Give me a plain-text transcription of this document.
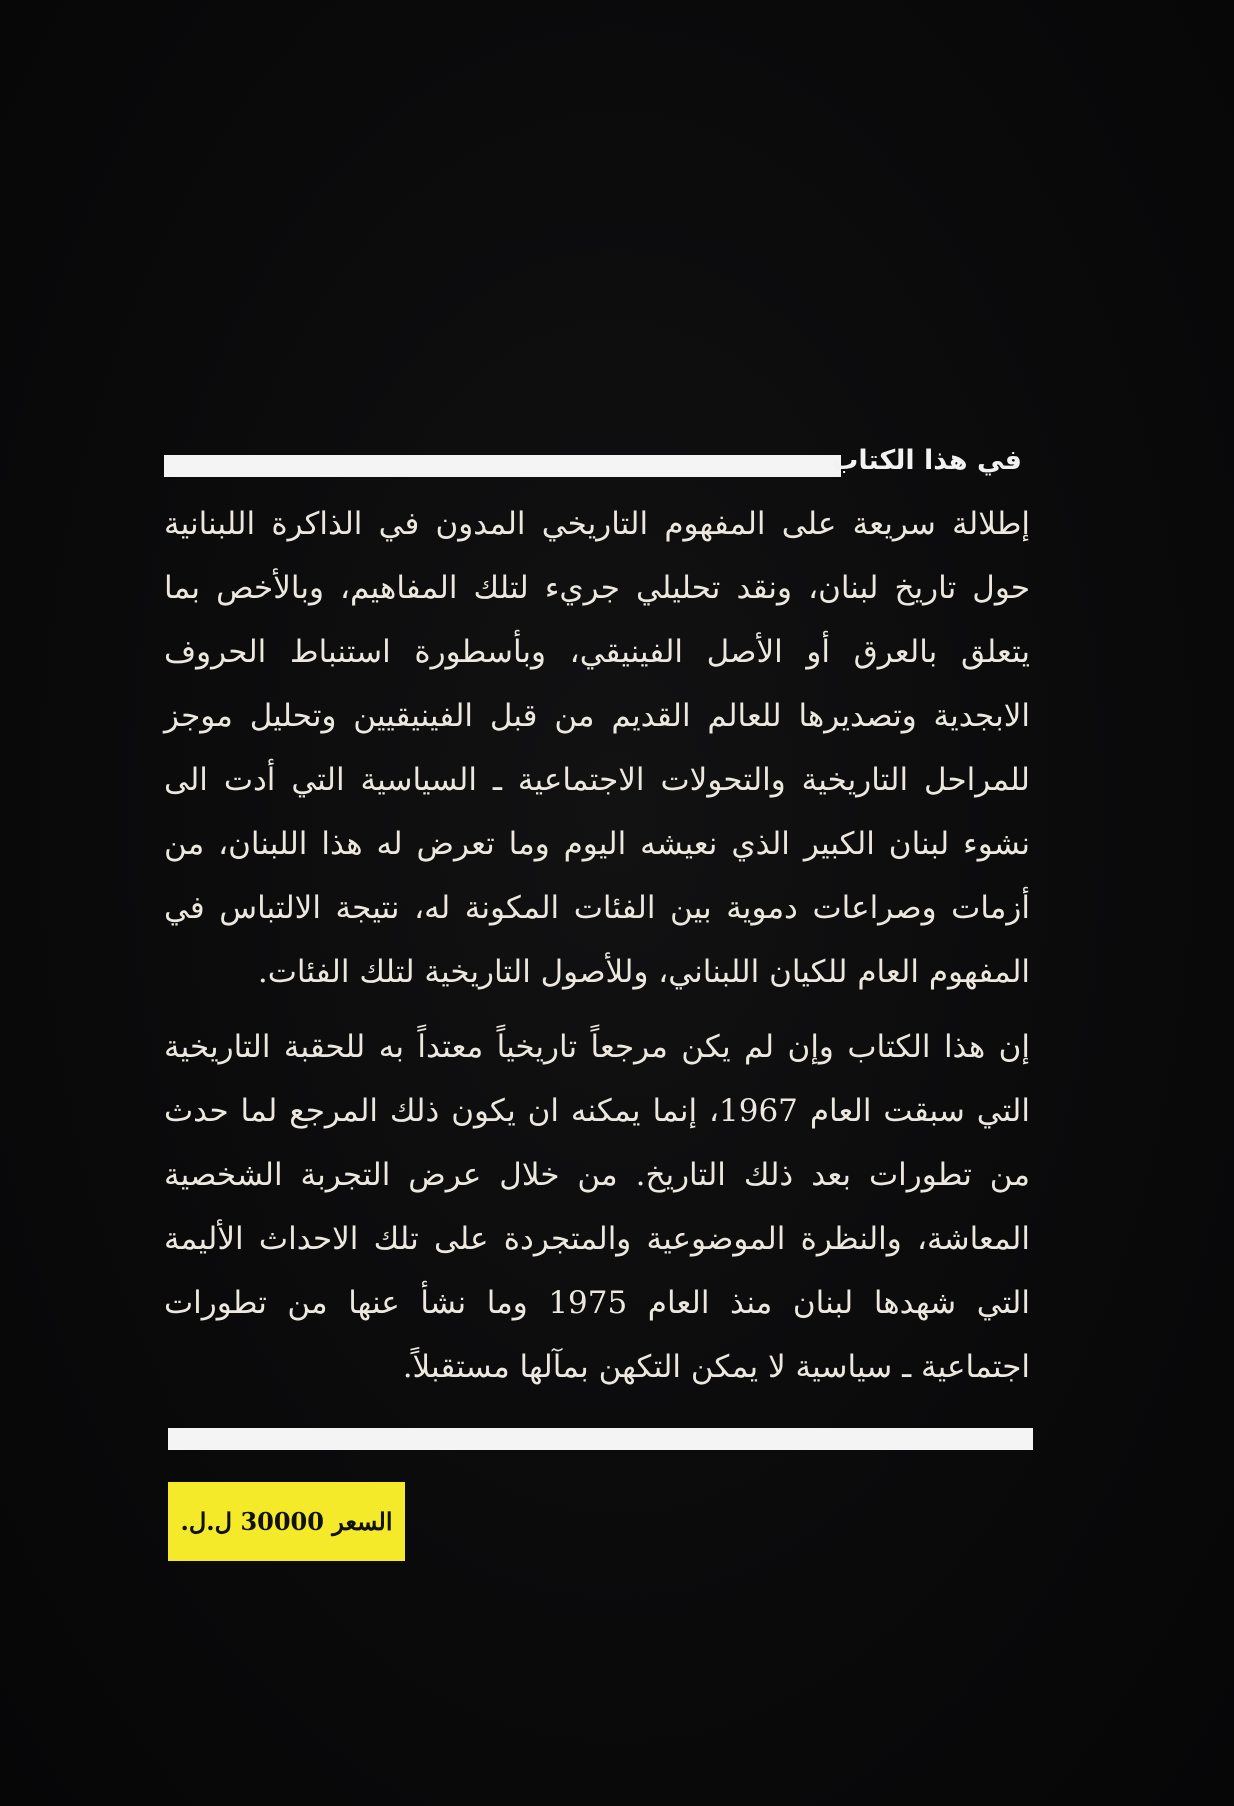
في هذا الكتاب

إطلالة سريعة على المفهوم التاريخي المدون في الذاكرة اللبنانية حول تاريخ لبنان، ونقد تحليلي جريء لتلك المفاهيم، وبالأخص بما يتعلق بالعرق أو الأصل الفينيقي، وبأسطورة استنباط الحروف الابجدية وتصديرها للعالم القديم من قبل الفينيقيين وتحليل موجز للمراحل التاريخية والتحولات الاجتماعية ـ السياسية التي أدت الى نشوء لبنان الكبير الذي نعيشه اليوم وما تعرض له هذا اللبنان، من أزمات وصراعات دموية بين الفئات المكونة له، نتيجة الالتباس في المفهوم العام للكيان اللبناني، وللأصول التاريخية لتلك الفئات.

إن هذا الكتاب وإن لم يكن مرجعاً تاريخياً معتداً به للحقبة التاريخية التي سبقت العام 1967، إنما يمكنه ان يكون ذلك المرجع لما حدث من تطورات بعد ذلك التاريخ. من خلال عرض التجربة الشخصية المعاشة، والنظرة الموضوعية والمتجردة على تلك الاحداث الأليمة التي شهدها لبنان منذ العام 1975 وما نشأ عنها من تطورات اجتماعية ـ سياسية لا يمكن التكهن بمآلها مستقبلاً.

السعر 30000 ل.ل.
